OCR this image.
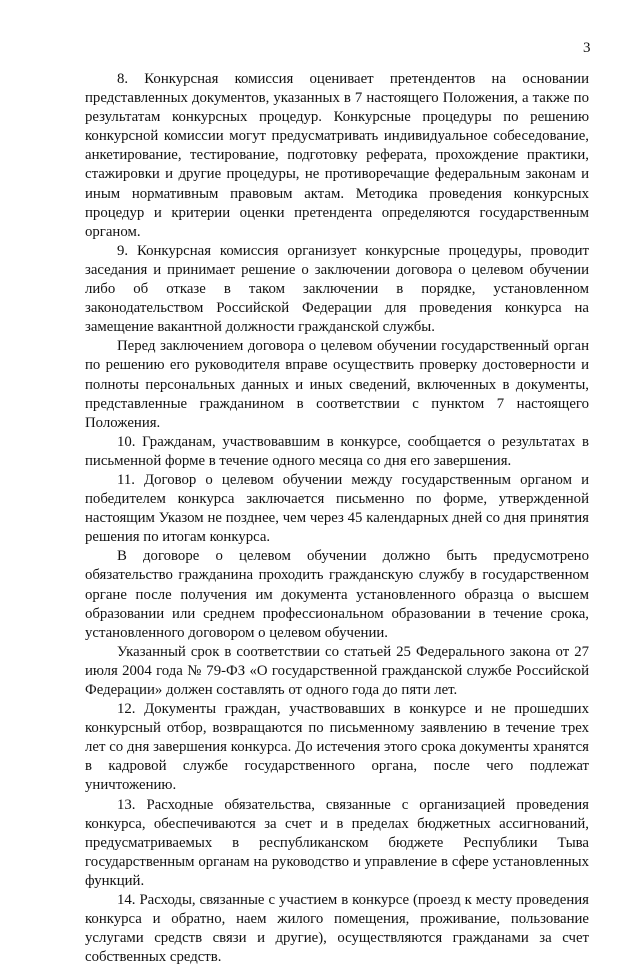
3

8. Конкурсная комиссия оценивает претендентов на основании представленных документов, указанных в 7 настоящего Положения, а также по результатам конкурсных процедур. Конкурсные процедуры по решению конкурсной комиссии могут предусматривать индивидуальное собеседование, анкетирование, тестирование, подготовку реферата, прохождение практики, стажировки и другие процедуры, не противоречащие федеральным законам и иным нормативным правовым актам. Методика проведения конкурсных процедур и критерии оценки претендента определяются государственным органом.

9. Конкурсная комиссия организует конкурсные процедуры, проводит заседания и принимает решение о заключении договора о целевом обучении либо об отказе в таком заключении в порядке, установленном законодательством Российской Федерации для проведения конкурса на замещение вакантной должности гражданской службы.

Перед заключением договора о целевом обучении государственный орган по решению его руководителя вправе осуществить проверку достоверности и полноты персональных данных и иных сведений, включенных в документы, представленные гражданином в соответствии с пунктом 7 настоящего Положения.

10. Гражданам, участвовавшим в конкурсе, сообщается о результатах в письменной форме в течение одного месяца со дня его завершения.

11. Договор о целевом обучении между государственным органом и победителем конкурса заключается письменно по форме, утвержденной настоящим Указом не позднее, чем через 45 календарных дней со дня принятия решения по итогам конкурса.

В договоре о целевом обучении должно быть предусмотрено обязательство гражданина проходить гражданскую службу в государственном органе после получения им документа установленного образца о высшем образовании или среднем профессиональном образовании в течение срока, установленного договором о целевом обучении.

Указанный срок в соответствии со статьей 25 Федерального закона от 27 июля 2004 года № 79-ФЗ «О государственной гражданской службе Российской Федерации» должен составлять от одного года до пяти лет.

12. Документы граждан, участвовавших в конкурсе и не прошедших конкурсный отбор, возвращаются по письменному заявлению в течение трех лет со дня завершения конкурса. До истечения этого срока документы хранятся в кадровой службе государственного органа, после чего подлежат уничтожению.

13. Расходные обязательства, связанные с организацией проведения конкурса, обеспечиваются за счет и в пределах бюджетных ассигнований, предусматриваемых в республиканском бюджете Республики Тыва государственным органам на руководство и управление в сфере установленных функций.

14. Расходы, связанные с участием в конкурсе (проезд к месту проведения конкурса и обратно, наем жилого помещения, проживание, пользование услугами средств связи и другие), осуществляются гражданами за счет собственных средств.
